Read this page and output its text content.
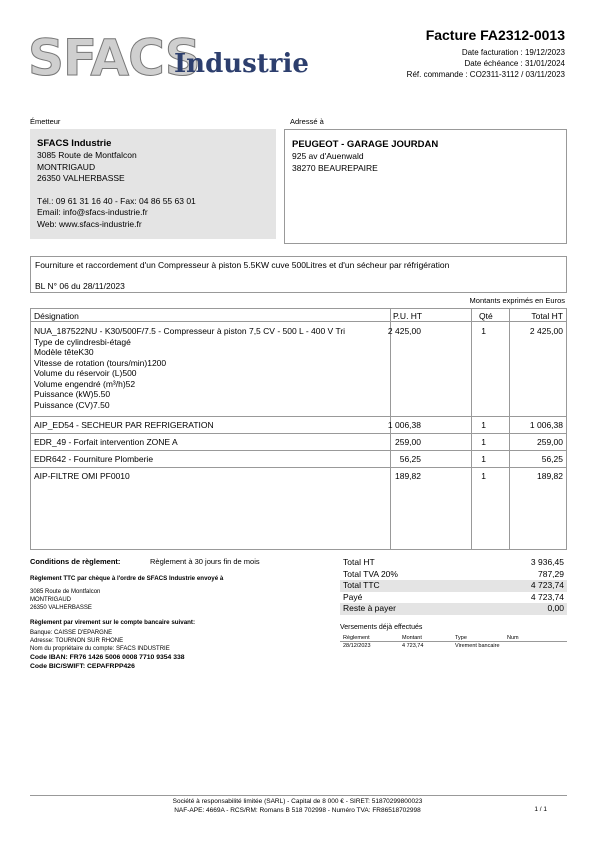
SFACS
Industrie
Facture FA2312-0013
Date facturation : 19/12/2023
Date échéance : 31/01/2024
Réf. commande : CO2311-3112 / 03/11/2023
Émetteur	Adressé à
SFACS Industrie
3085 Route de Montfalcon
MONTRIGAUD
26350 VALHERBASSE
Tél.: 09 61 31 16 40 - Fax: 04 86 55 63 01
Email: info@sfacs-industrie.fr
Web: www.sfacs-industrie.fr
PEUGEOT - GARAGE JOURDAN
925 av d'Auenwald
38270 BEAUREPAIRE
Fourniture et raccordement d'un Compresseur à piston 5.5KW cuve 500Litres et d'un sécheur par réfrigération
BL N° 06 du 28/11/2023
Montants exprimés en Euros
Désignation	P.U. HT	Qté	Total HT
NUA_187522NU - K30/500F/7.5 - Compresseur à piston 7,5 CV - 500 L - 400 V Tri
Type de cylindresbi-étagé
Modèle têteK30
Vitesse de rotation (tours/min)1200
Volume du réservoir (L)500
Volume engendré (m³/h)52
Puissance (kW)5.50
Puissance (CV)7.50
2 425,00	1	2 425,00
AIP_ED54 - SECHEUR PAR REFRIGERATION	1 006,38	1	1 006,38
EDR_49 - Forfait intervention ZONE A	259,00	1	259,00
EDR642 - Fourniture Plomberie	56,25	1	56,25
AIP-FILTRE OMI PF0010	189,82	1	189,82
Conditions de règlement:	Règlement à 30 jours fin de mois
Règlement TTC par chèque à l'ordre de SFACS Industrie envoyé à
3085 Route de Montfalcon
MONTRIGAUD
26350 VALHERBASSE
Règlement par virement sur le compte bancaire suivant:
Banque: CAISSE D'EPARGNE
Adresse: TOURNON SUR RHONE
Nom du propriétaire du compte: SFACS INDUSTRIE
Code IBAN: FR76 1426 5006 0008 7710 9354 338
Code BIC/SWIFT: CEPAFRPP426
Total HT	3 936,45
Total TVA 20%	787,29
Total TTC	4 723,74
Payé	4 723,74
Reste à payer	0,00
Versements déjà effectués
Règlement	Montant	Type	Num
28/12/2023	4 723,74	Virement bancaire
Société à responsabilité limitée (SARL) - Capital de 8 000 € - SIRET: 51870299800023
NAF-APE: 4669A - RCS/RM: Romans B 518 702998 - Numéro TVA: FR86518702998	1 / 1
